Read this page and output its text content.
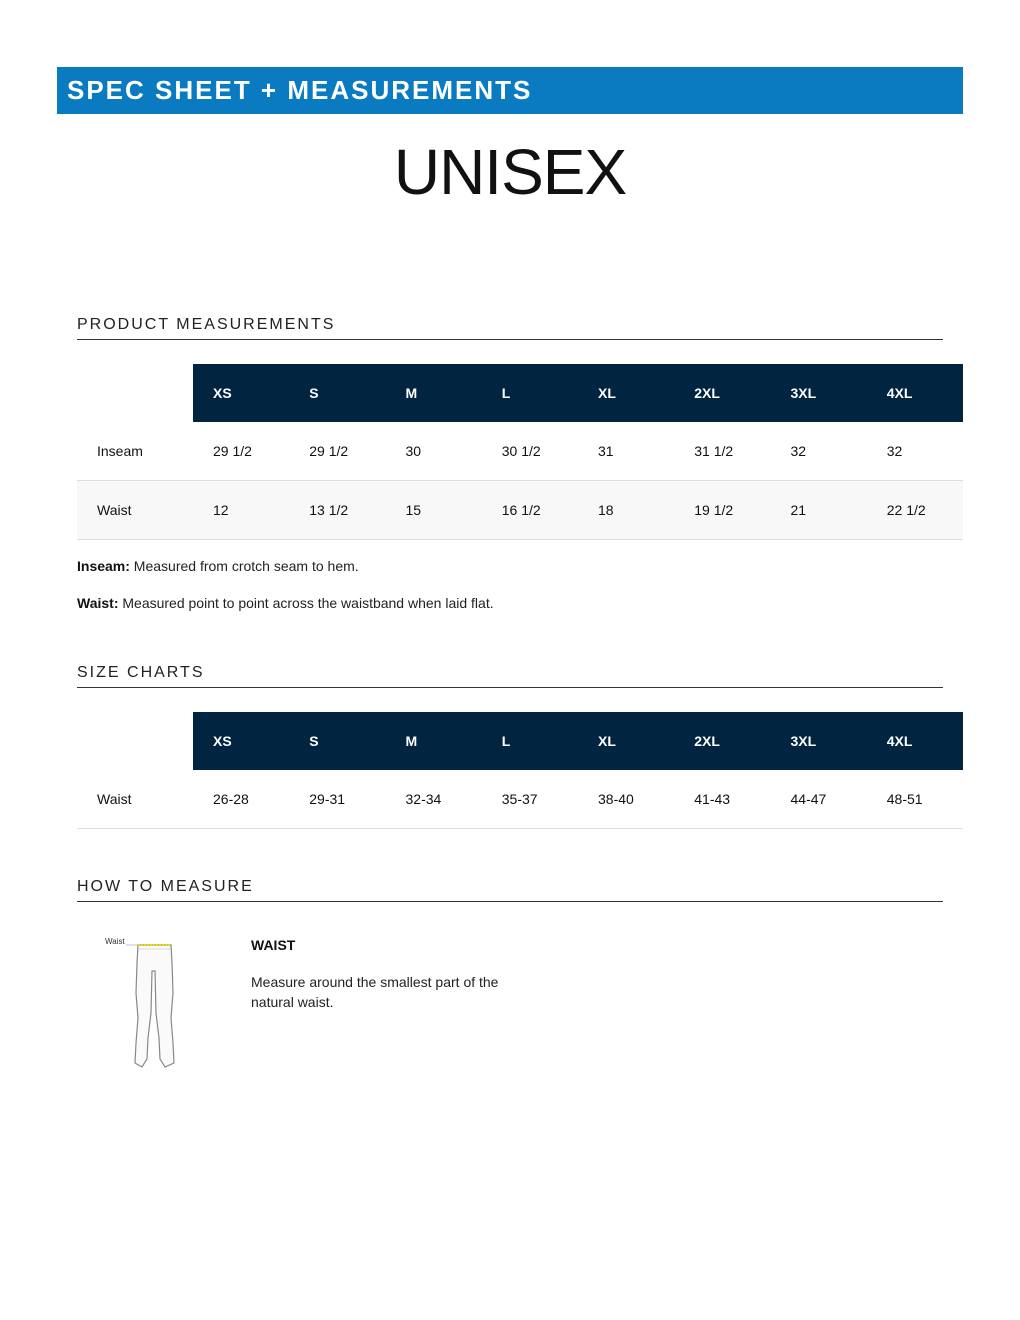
SPEC SHEET + MEASUREMENTS
UNISEX
PRODUCT MEASUREMENTS
	XS	S	M	L	XL	2XL	3XL	4XL
Inseam	29 1/2	29 1/2	30	30 1/2	31	31 1/2	32	32
Waist	12	13 1/2	15	16 1/2	18	19 1/2	21	22 1/2
Inseam: Measured from crotch seam to hem.
Waist: Measured point to point across the waistband when laid flat.
SIZE CHARTS
	XS	S	M	L	XL	2XL	3XL	4XL
Waist	26-28	29-31	32-34	35-37	38-40	41-43	44-47	48-51
HOW TO MEASURE
Waist	WAIST
Measure around the smallest part of the natural waist.
